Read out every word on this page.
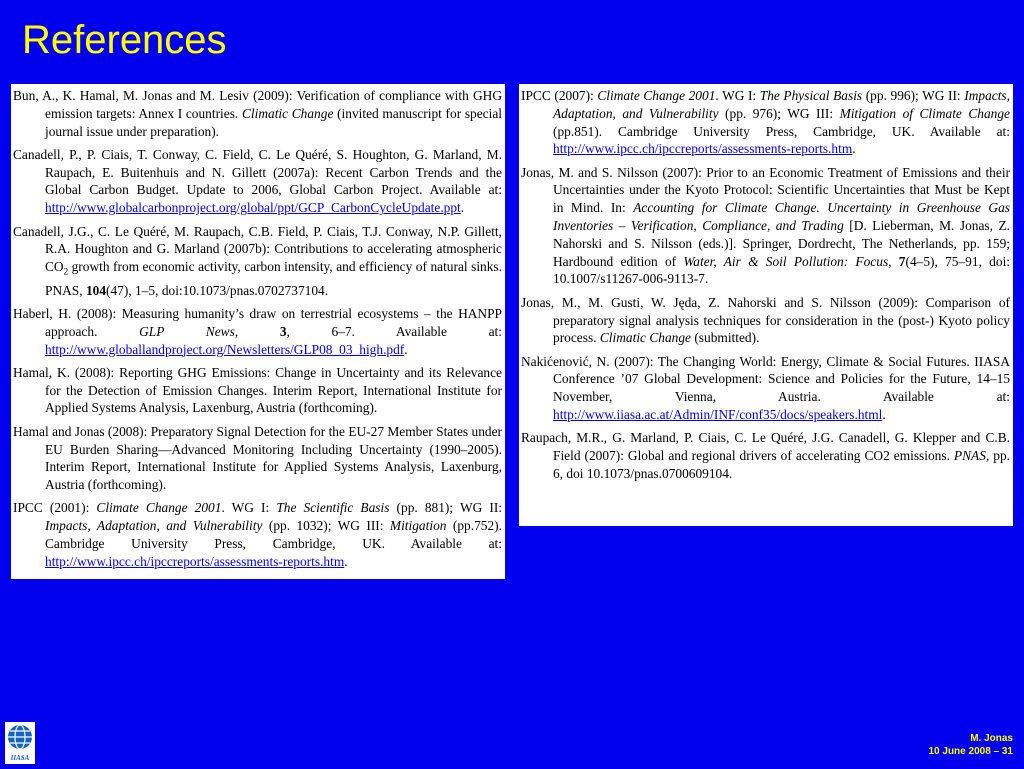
References

Bun, A., K. Hamal, M. Jonas and M. Lesiv (2009): Verification of compliance with GHG emission targets: Annex I countries. Climatic Change (invited manuscript for special journal issue under preparation).

Canadell, P., P. Ciais, T. Conway, C. Field, C. Le Quéré, S. Houghton, G. Marland, M. Raupach, E. Buitenhuis and N. Gillett (2007a): Recent Carbon Trends and the Global Carbon Budget. Update to 2006, Global Carbon Project. Available at: http://www.globalcarbonproject.org/global/ppt/GCP_CarbonCycleUpdate.ppt.

Canadell, J.G., C. Le Quéré, M. Raupach, C.B. Field, P. Ciais, T.J. Conway, N.P. Gillett, R.A. Houghton and G. Marland (2007b): Contributions to accelerating atmospheric $CO_2$ growth from economic activity, carbon intensity, and efficiency of natural sinks. PNAS, 104(47), 1–5, doi:10.1073/pnas.0702737104.

Haberl, H. (2008): Measuring humanity’s draw on terrestrial ecosystems – the HANPP approach. GLP News, 3, 6–7. Available at: http://www.globallandproject.org/Newsletters/GLP08_03_high.pdf.

Hamal, K. (2008): Reporting GHG Emissions: Change in Uncertainty and its Relevance for the Detection of Emission Changes. Interim Report, International Institute for Applied Systems Analysis, Laxenburg, Austria (forthcoming).

Hamal and Jonas (2008): Preparatory Signal Detection for the EU-27 Member States under EU Burden Sharing—Advanced Monitoring Including Uncertainty (1990–2005). Interim Report, International Institute for Applied Systems Analysis, Laxenburg, Austria (forthcoming).

IPCC (2001): Climate Change 2001. WG I: The Scientific Basis (pp. 881); WG II: Impacts, Adaptation, and Vulnerability (pp. 1032); WG III: Mitigation (pp.752). Cambridge University Press, Cambridge, UK. Available at: http://www.ipcc.ch/ipccreports/assessments-reports.htm.

IPCC (2007): Climate Change 2001. WG I: The Physical Basis (pp. 996); WG II: Impacts, Adaptation, and Vulnerability (pp. 976); WG III: Mitigation of Climate Change (pp.851). Cambridge University Press, Cambridge, UK. Available at: http://www.ipcc.ch/ipccreports/assessments-reports.htm.

Jonas, M. and S. Nilsson (2007): Prior to an Economic Treatment of Emissions and their Uncertainties under the Kyoto Protocol: Scientific Uncertainties that Must be Kept in Mind. In: Accounting for Climate Change. Uncertainty in Greenhouse Gas Inventories – Verification, Compliance, and Trading [D. Lieberman, M. Jonas, Z. Nahorski and S. Nilsson (eds.)]. Springer, Dordrecht, The Netherlands, pp. 159; Hardbound edition of Water, Air & Soil Pollution: Focus, 7(4–5), 75–91, doi: 10.1007/s11267-006-9113-7.

Jonas, M., M. Gusti, W. Jęda, Z. Nahorski and S. Nilsson (2009): Comparison of preparatory signal analysis techniques for consideration in the (post-) Kyoto policy process. Climatic Change (submitted).

Nakićenović, N. (2007): The Changing World: Energy, Climate & Social Futures. IIASA Conference ’07 Global Development: Science and Policies for the Future, 14–15 November, Vienna, Austria. Available at: http://www.iiasa.ac.at/Admin/INF/conf35/docs/speakers.html.

Raupach, M.R., G. Marland, P. Ciais, C. Le Quéré, J.G. Canadell, G. Klepper and C.B. Field (2007): Global and regional drivers of accelerating CO2 emissions. PNAS, pp. 6, doi 10.1073/pnas.0700609104.

IIASA
M. Jonas
10 June 2008 – 31
